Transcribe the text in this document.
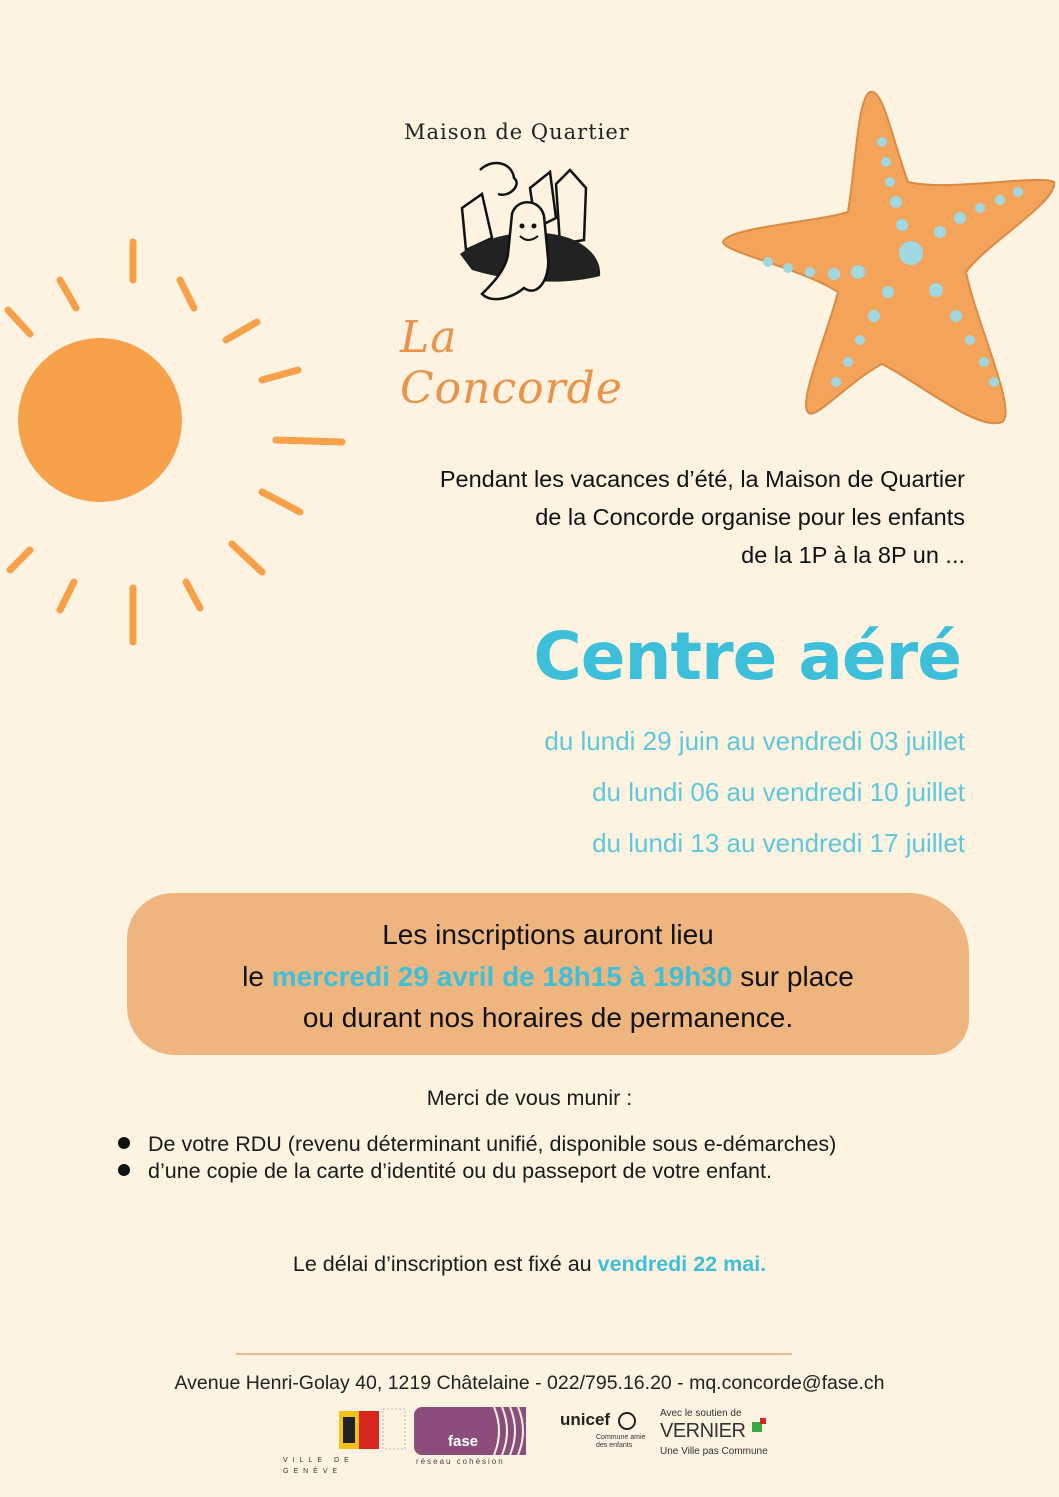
Maison de Quartier
La Concorde
Pendant les vacances d’été, la Maison de Quartier
de la Concorde organise pour les enfants
de la 1P à la 8P un ...
Centre aéré
du lundi 29 juin au vendredi 03 juillet
du lundi 06 au vendredi 10 juillet
du lundi 13 au vendredi 17 juillet
Les inscriptions auront lieu
le mercredi 29 avril de 18h15 à 19h30 sur place
ou durant nos horaires de permanence.
Merci de vous munir :
De votre RDU (revenu déterminant unifié, disponible sous e-démarches)
d’une copie de la carte d’identité ou du passeport de votre enfant.
Le délai d’inscription est fixé au vendredi 22 mai.
Avenue Henri-Golay 40, 1219 Châtelaine - 022/795.16.20 - mq.concorde@fase.ch
VILLE DE GENÈVE
fase
réseau cohésion
unicef
Commune amie des enfants
Avec le soutien de
VERNIER
Une Ville pas Commune
